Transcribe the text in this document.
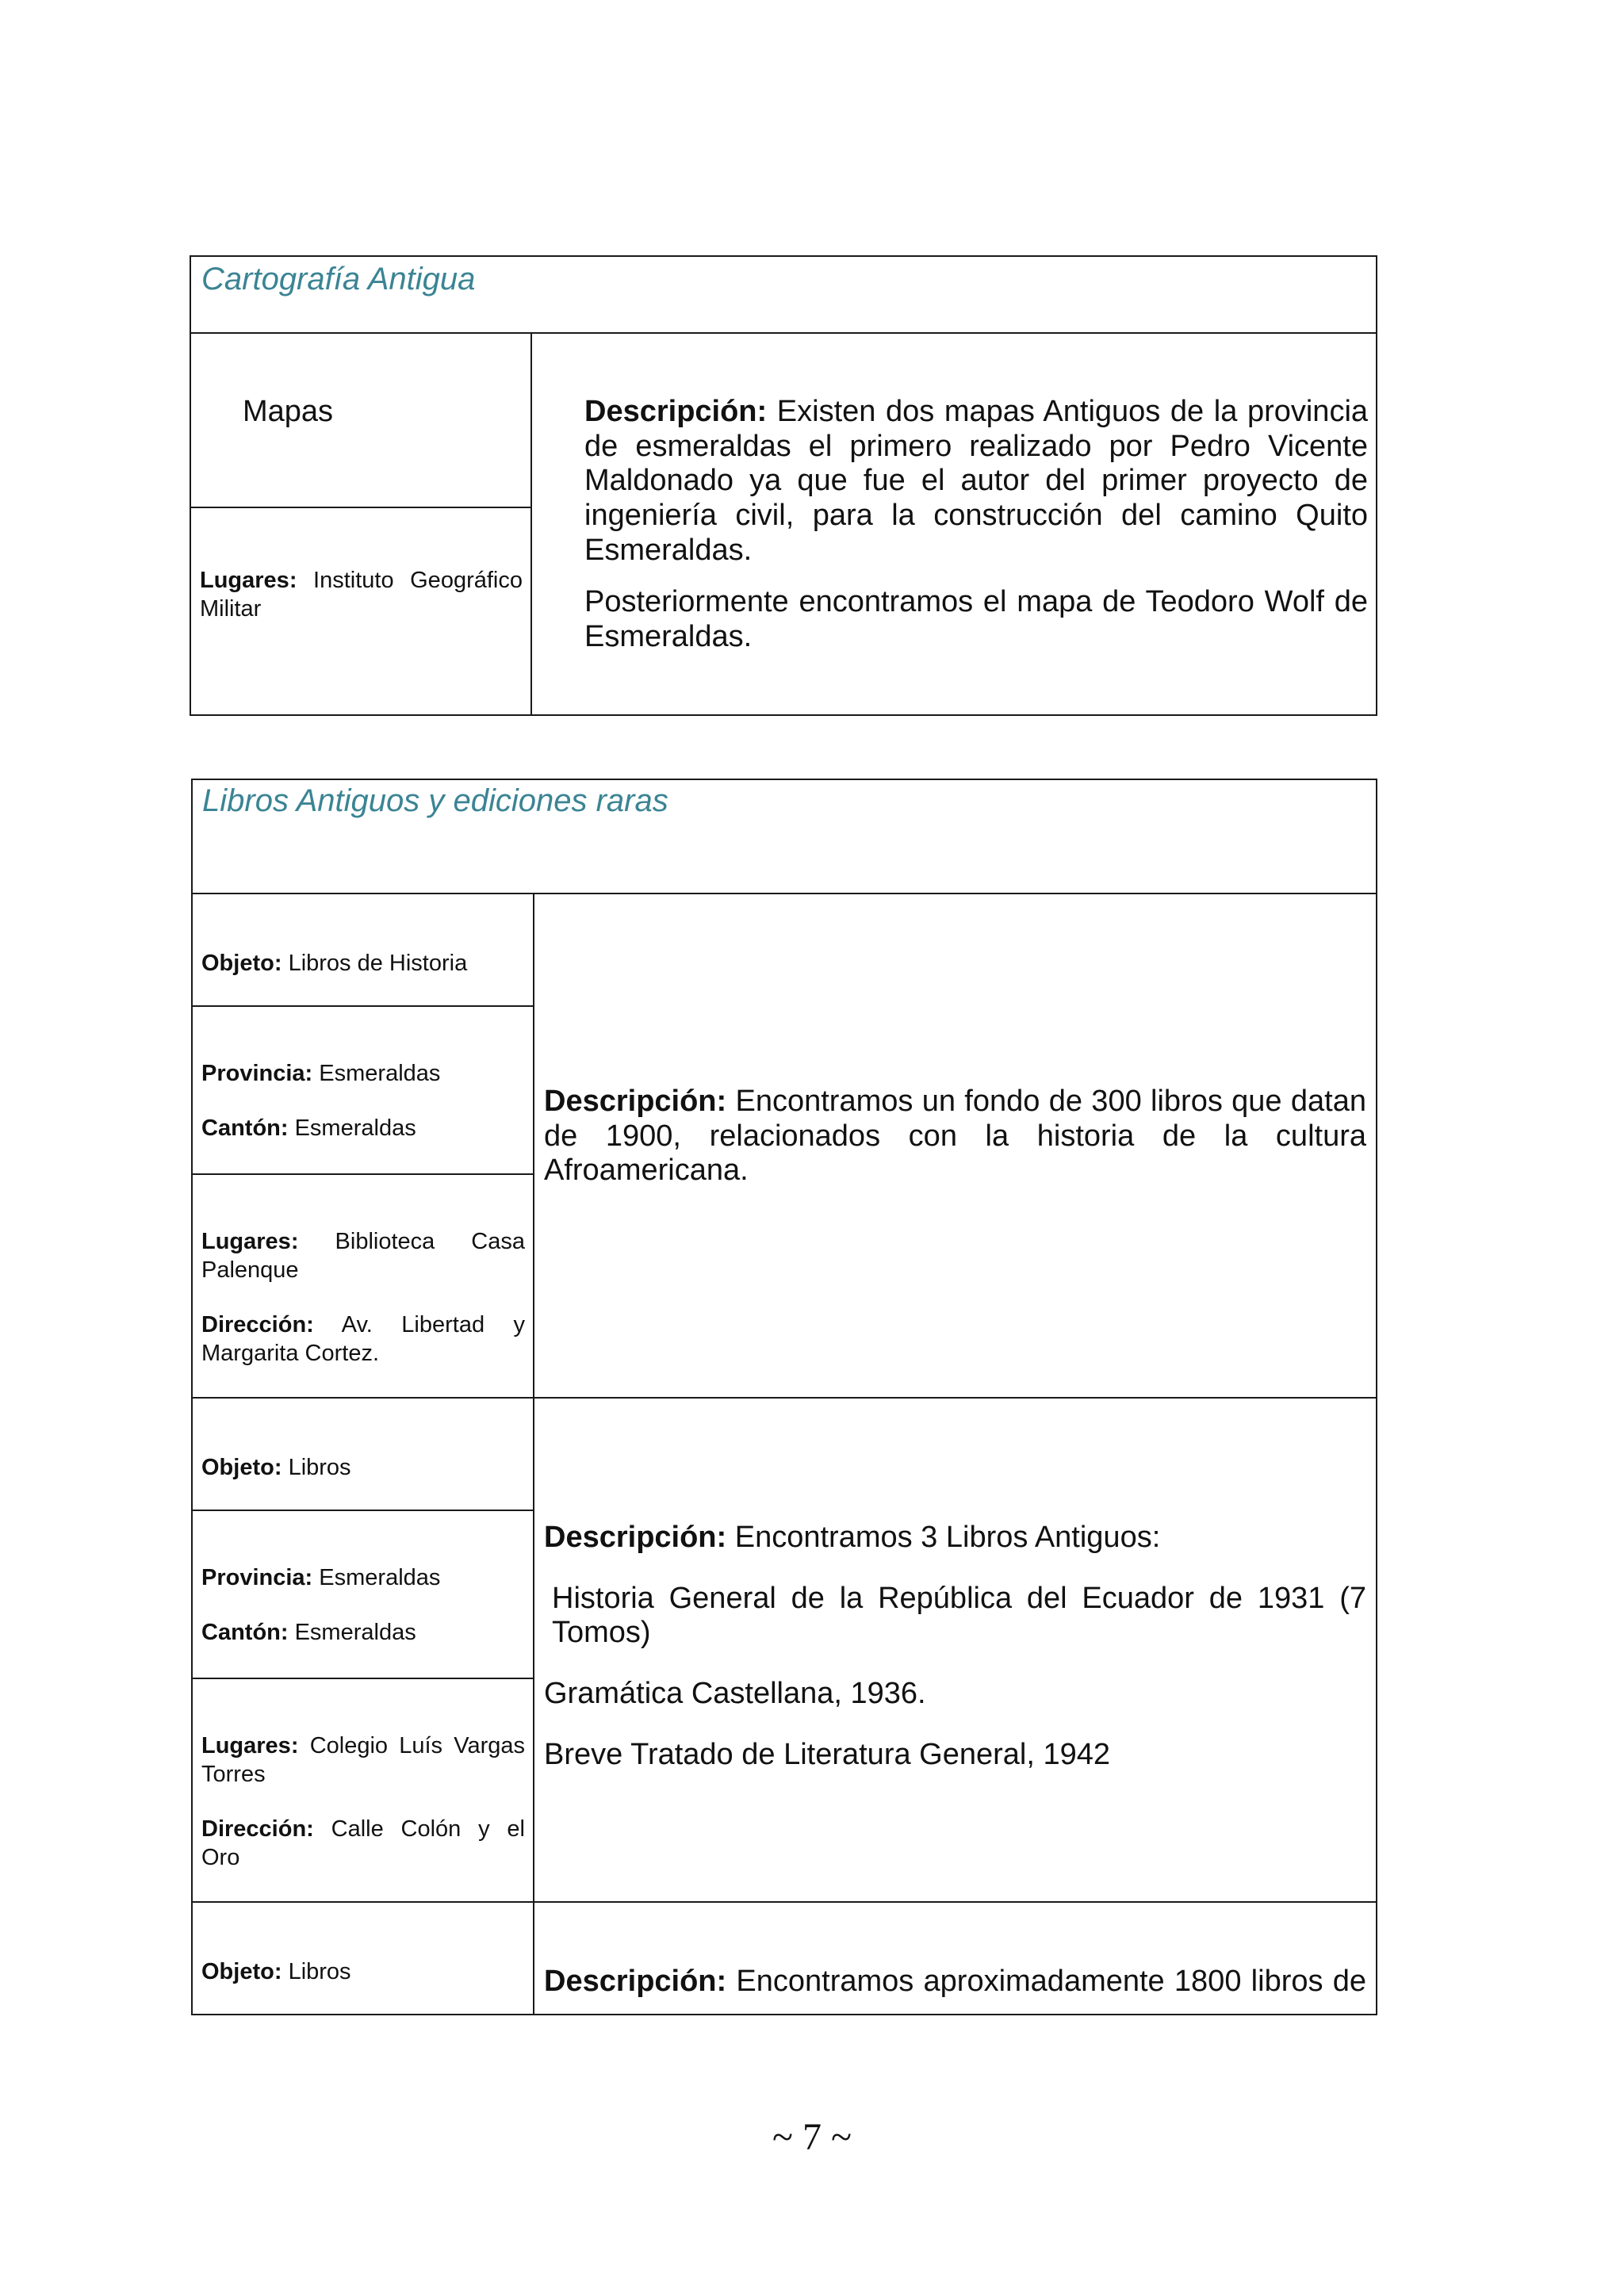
Cartografía Antigua

Mapas	Descripción: Existen dos mapas Antiguos de la provincia de esmeraldas el primero realizado por Pedro Vicente Maldonado ya que fue el autor del primer proyecto de ingeniería civil, para la construcción del camino Quito Esmeraldas.

Posteriormente encontramos el mapa de Teodoro Wolf de Esmeraldas.

Lugares: Instituto Geográfico Militar
Libros Antiguos y ediciones raras	

Objeto: Libros de Historia	Descripción: Encontramos un fondo de 300 libros que datan de 1900, relacionados con la historia de la cultura Afroamericana.

Provincia: Esmeraldas

Cantón: Esmeraldas	

Lugares: Biblioteca Casa Palenque

Dirección: Av. Libertad y Margarita Cortez.	

Objeto: Libros	Descripción: Encontramos 3 Libros Antiguos:

Historia General de la República del Ecuador de 1931 (7 Tomos)

Gramática Castellana, 1936.

Breve Tratado de Literatura General, 1942

Provincia: Esmeraldas

Cantón: Esmeraldas	

Lugares: Colegio Luís Vargas Torres

Dirección: Calle Colón y el Oro	

Objeto: Libros	Descripción: Encontramos aproximadamente 1800 libros de
~ 7 ~
